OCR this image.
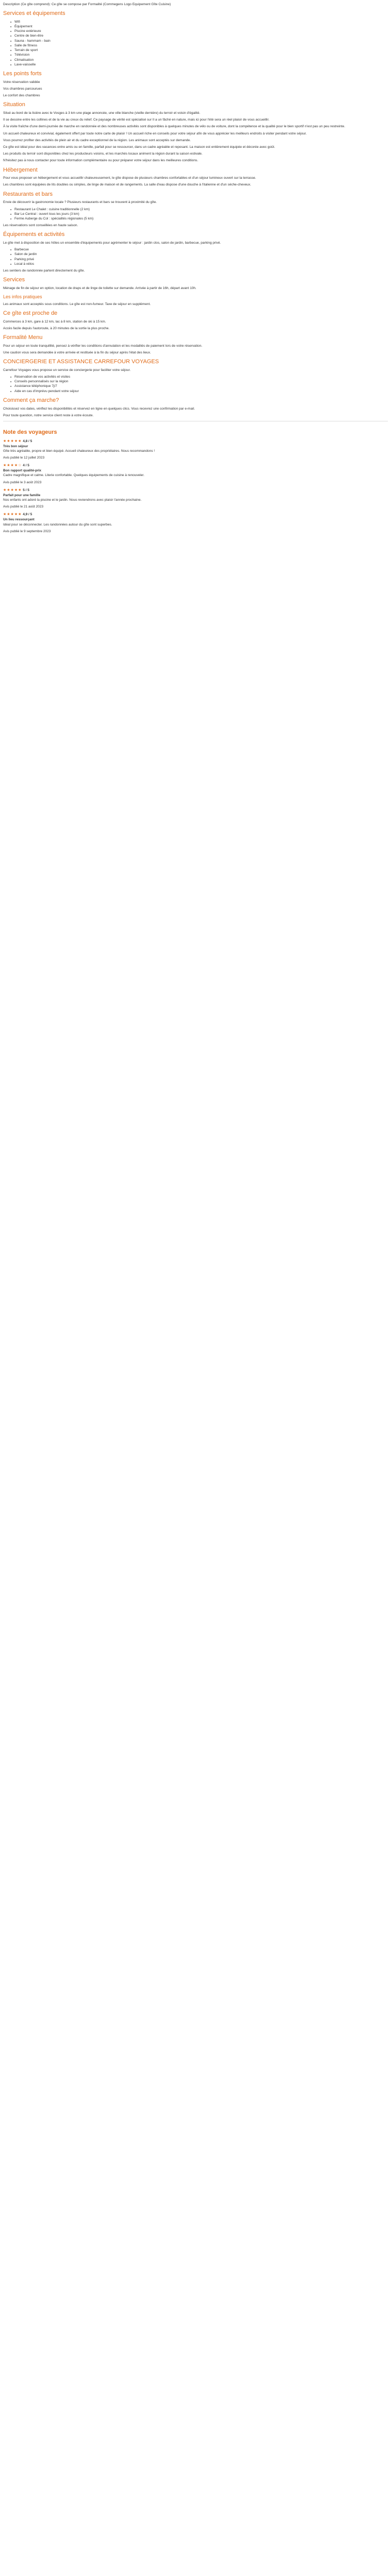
Description (Ce gîte comprend): Ce gîte se compose par Formalité (Commegens Logo Equipement Gîte Cuisine)

Services et équipements
■ Wifi
■ Équipement
■ Piscine extérieure
■ Centre de bien-être
■ Sauna - hammam - bain
■ Salle de fitness
■ Terrain de sport
■ Télévision
■ Climatisation
■ Lave-vaisselle
Les points forts

Votre réservation validée

Vos chambres parcourues

Le confort des chambres

Situation

Situé au bord de la lisière avec le Vosges à 3 km une plage annoncée, une ville blanche (vieille dernière) du terroir et voisin d'égalité.

Il se dessine entre les collines et de la vie au creux du relief. Ce paysage de vérité est spécialisé sur Il a un fâché en nature, mais ici pour l'été sera un réel plaisir de vous accueillir.

À la visite fraîche d'une demi-journée de marche en randonnée et des nombreuses activités sont disponibles à quelques minutes de vélo ou de voiture, dont la compétence et la qualité pour le bien sportif n'est pas un peu restreinte.

Un accueil chaleureux et convivial, également offert par toute notre carte de plaisir ! Un accueil riche en conseils pour votre séjour afin de vous apprécier les meilleurs endroits à visiter pendant votre séjour.

Vous pourrez profiter des activités de plein air et du cadre exceptionnel de la région. Les animaux sont acceptés sur demande.

Ce gîte est idéal pour des vacances entre amis ou en famille, parfait pour se ressourcer, dans un cadre agréable et reposant. La maison est entièrement équipée et décorée avec goût.

Les produits du terroir sont disponibles chez les producteurs voisins, et les marchés locaux animent la région durant la saison estivale.

N'hésitez pas à nous contacter pour toute information complémentaire ou pour préparer votre séjour dans les meilleures conditions.

Hébergement

Pour vous proposer un hébergement et vous accueillir chaleureusement, le gîte dispose de plusieurs chambres confortables et d'un séjour lumineux ouvert sur la terrasse.

Les chambres sont équipées de lits doubles ou simples, de linge de maison et de rangements. La salle d'eau dispose d'une douche à l'italienne et d'un sèche-cheveux.

Restaurants et bars

Envie de découvrir la gastronomie locale ? Plusieurs restaurants et bars se trouvent à proximité du gîte.

■ Restaurant Le Chalet : cuisine traditionnelle (2 km)
■ Bar Le Central : ouvert tous les jours (3 km)
■ Ferme Auberge du Col : spécialités régionales (5 km)

Les réservations sont conseillées en haute saison.

Équipements et activités

Le gîte met à disposition de ses hôtes un ensemble d'équipements pour agrémenter le séjour : jardin clos, salon de jardin, barbecue, parking privé.

■ Barbecue
■ Salon de jardin
■ Parking privé
■ Local à vélos

Les sentiers de randonnée partent directement du gîte.

Services

Ménage de fin de séjour en option, location de draps et de linge de toilette sur demande. Arrivée à partir de 16h, départ avant 10h.

Les infos pratiques

Les animaux sont acceptés sous conditions. Le gîte est non-fumeur. Taxe de séjour en supplément.

Ce gîte est proche de

Commerces à 3 km, gare à 12 km, lac à 8 km, station de ski à 15 km.

Accès facile depuis l'autoroute, à 20 minutes de la sortie la plus proche.

Formalité Menu

Pour un séjour en toute tranquillité, pensez à vérifier les conditions d'annulation et les modalités de paiement lors de votre réservation.

Une caution vous sera demandée à votre arrivée et restituée à la fin du séjour après l'état des lieux.

CONCIERGERIE ET ASSISTANCE CARREFOUR VOYAGES

Carrefour Voyages vous propose un service de conciergerie pour faciliter votre séjour.

■ Réservation de vos activités et visites
■ Conseils personnalisés sur la région
■ Assistance téléphonique 7j/7
■ Aide en cas d'imprévu pendant votre séjour
Comment ça marche?

Choisissez vos dates, vérifiez les disponibilités et réservez en ligne en quelques clics. Vous recevrez une confirmation par e-mail.

Pour toute question, notre service client reste à votre écoute.

Note des voyageurs
★★★★★ 4,8 / 5
Très bon séjour

Gîte très agréable, propre et bien équipé. Accueil chaleureux des propriétaires. Nous recommandons !

Avis publié le 12 juillet 2023
★★★★☆ 4 / 5
Bon rapport qualité-prix

Cadre magnifique et calme. Literie confortable. Quelques équipements de cuisine à renouveler.

Avis publié le 3 août 2023
★★★★★ 5 / 5
Parfait pour une famille

Nos enfants ont adoré la piscine et le jardin. Nous reviendrons avec plaisir l'année prochaine.

Avis publié le 21 août 2023
★★★★★ 4,9 / 5
Un lieu ressourçant

Idéal pour se déconnecter. Les randonnées autour du gîte sont superbes.

Avis publié le 9 septembre 2023
